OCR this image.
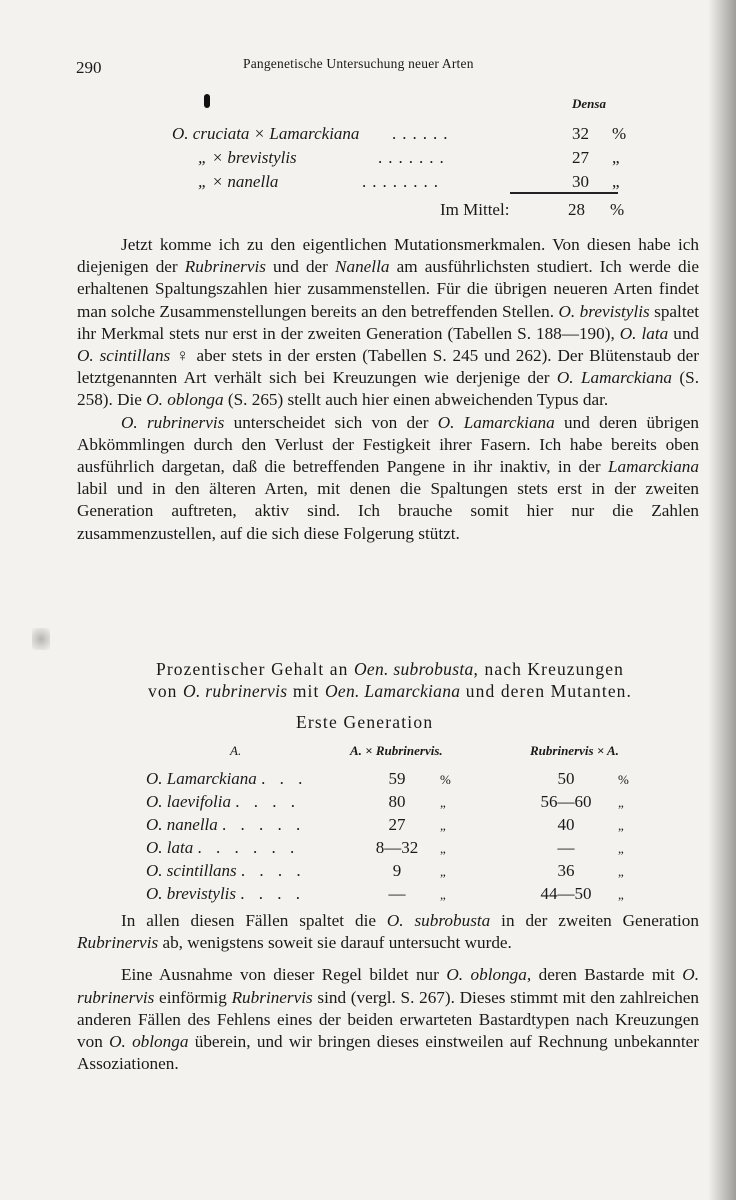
290	Pangenetische Untersuchung neuer Arten
Densa
O. cruciata × Lamarckiana ......	32 %
„ × brevistylis	.......	27 „
„ × nanella	........	30 „
Im Mittel:	28 %

Jetzt komme ich zu den eigentlichen Mutationsmerkmalen. Von diesen habe ich diejenigen der Rubrinervis und der Nanella am ausführlichsten studiert. Ich werde die erhaltenen Spaltungszahlen hier zusammenstellen. Für die übrigen neueren Arten findet man solche Zusammenstellungen bereits an den betreffenden Stellen. O. brevistylis spaltet ihr Merkmal stets nur erst in der zweiten Generation (Tabellen S. 188—190), O. lata und O. scintillans ♀ aber stets in der ersten (Tabellen S. 245 und 262). Der Blütenstaub der letztgenannten Art verhält sich bei Kreuzungen wie derjenige der O. Lamarckiana (S. 258). Die O. oblonga (S. 265) stellt auch hier einen abweichenden Typus dar.

O. rubrinervis unterscheidet sich von der O. Lamarckiana und deren übrigen Abkömmlingen durch den Verlust der Festigkeit ihrer Fasern. Ich habe bereits oben ausführlich dargetan, daß die betreffenden Pangene in ihr inaktiv, in der Lamarckiana labil und in den älteren Arten, mit denen die Spaltungen stets erst in der zweiten Generation auftreten, aktiv sind. Ich brauche somit hier nur die Zahlen zusammenzustellen, auf die sich diese Folgerung stützt.

Prozentischer Gehalt an Oen. subrobusta, nach Kreuzungen
von O. rubrinervis mit Oen. Lamarckiana und deren Mutanten.
Erste Generation
A.	A. × Rubrinervis.	Rubrinervis × A.
O. Lamarckiana . . .	59	%	50	%
O. laevifolia . . . .	80	„	56—60	„
O. nanella . . . . .	27	„	40	„
O. lata . . . . . .	8—32	„	—	„
O. scintillans . . . .	9	„	36	„
O. brevistylis . . . .	—	„	44—50	„

In allen diesen Fällen spaltet die O. subrobusta in der zweiten Generation Rubrinervis ab, wenigstens soweit sie darauf untersucht wurde.

Eine Ausnahme von dieser Regel bildet nur O. oblonga, deren Bastarde mit O. rubrinervis einförmig Rubrinervis sind (vergl. S. 267). Dieses stimmt mit den zahlreichen anderen Fällen des Fehlens eines der beiden erwarteten Bastardtypen nach Kreuzungen von O. oblonga überein, und wir bringen dieses einstweilen auf Rechnung unbekannter Assoziationen.
